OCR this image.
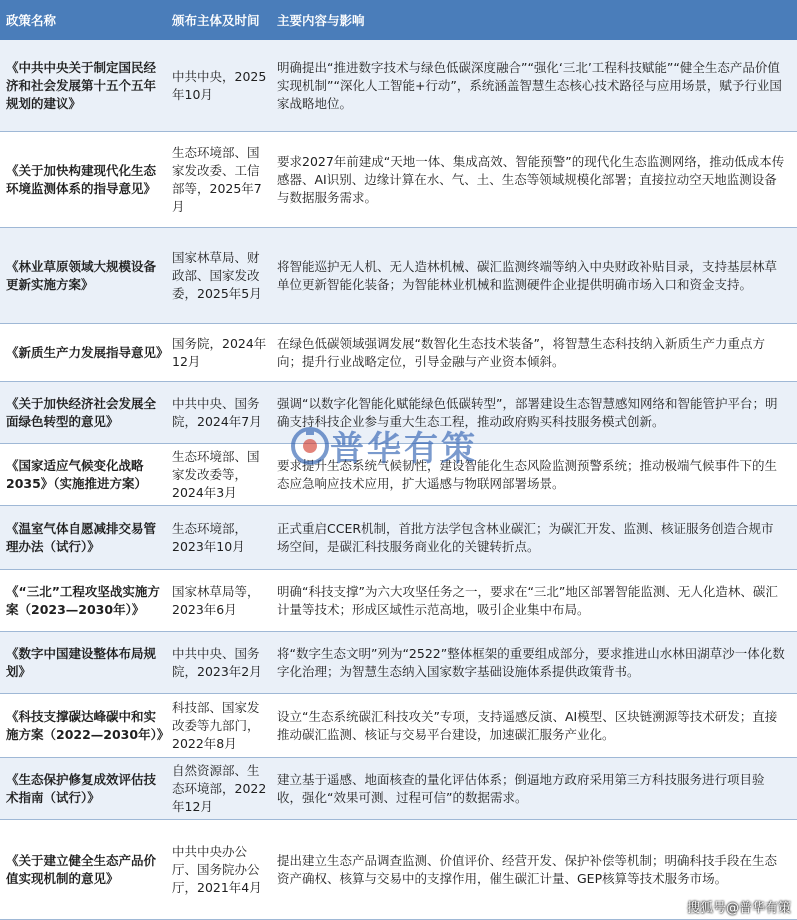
政策名称	颁布主体及时间	主要内容与影响
《中共中央关于制定国民经济和社会发展第十五个五年规划的建议》
中共中央，2025年10月
明确提出“推进数字技术与绿色低碳深度融合”“强化‘三北’工程科技赋能”“健全生态产品价值实现机制”“深化人工智能+行动”，系统涵盖智慧生态核心技术路径与应用场景，赋予行业国家战略地位。
《关于加快构建现代化生态环境监测体系的指导意见》
生态环境部、国家发改委、工信部等，2025年7月
要求2027年前建成“天地一体、集成高效、智能预警”的现代化生态监测网络，推动低成本传感器、AI识别、边缘计算在水、气、土、生态等领域规模化部署；直接拉动空天地监测设备与数据服务需求。
《林业草原领域大规模设备更新实施方案》
国家林草局、财政部、国家发改委，2025年5月
将智能巡护无人机、无人造林机械、碳汇监测终端等纳入中央财政补贴目录，支持基层林草单位更新智能化装备；为智能林业机械和监测硬件企业提供明确市场入口和资金支持。
《新质生产力发展指导意见》
国务院，2024年12月
在绿色低碳领域强调发展“数智化生态技术装备”，将智慧生态科技纳入新质生产力重点方向；提升行业战略定位，引导金融与产业资本倾斜。
《关于加快经济社会发展全面绿色转型的意见》
中共中央、国务院，2024年7月
强调“以数字化智能化赋能绿色低碳转型”，部署建设生态智慧感知网络和智能管护平台；明确支持科技企业参与重大生态工程，推动政府购买科技服务模式创新。
《国家适应气候变化战略2035》（实施推进方案）
生态环境部、国家发改委等，2024年3月
要求提升生态系统气候韧性，建设智能化生态风险监测预警系统；推动极端气候事件下的生态应急响应技术应用，扩大遥感与物联网部署场景。
《温室气体自愿减排交易管理办法（试行）》
生态环境部，2023年10月
正式重启CCER机制，首批方法学包含林业碳汇；为碳汇开发、监测、核证服务创造合规市场空间，是碳汇科技服务商业化的关键转折点。
《“三北”工程攻坚战实施方案（2023—2030年）》
国家林草局等，2023年6月
明确“科技支撑”为六大攻坚任务之一，要求在“三北”地区部署智能监测、无人化造林、碳汇计量等技术；形成区域性示范高地，吸引企业集中布局。
《数字中国建设整体布局规划》
中共中央、国务院，2023年2月
将“数字生态文明”列为“2522”整体框架的重要组成部分，要求推进山水林田湖草沙一体化数字化治理；为智慧生态纳入国家数字基础设施体系提供政策背书。
《科技支撑碳达峰碳中和实施方案（2022—2030年）》
科技部、国家发改委等九部门，2022年8月
设立“生态系统碳汇科技攻关”专项，支持遥感反演、AI模型、区块链溯源等技术研发；直接推动碳汇监测、核证与交易平台建设，加速碳汇服务产业化。
《生态保护修复成效评估技术指南（试行）》
自然资源部、生态环境部，2022年12月
建立基于遥感、地面核查的量化评估体系；倒逼地方政府采用第三方科技服务进行项目验收，强化“效果可测、过程可信”的数据需求。
《关于建立健全生态产品价值实现机制的意见》
中共中央办公厅、国务院办公厅，2021年4月
提出建立生态产品调查监测、价值评价、经营开发、保护补偿等机制；明确科技手段在生态资产确权、核算与交易中的支撑作用，催生碳汇计量、GEP核算等技术服务市场。
普华有策
搜狐号@普华有策
